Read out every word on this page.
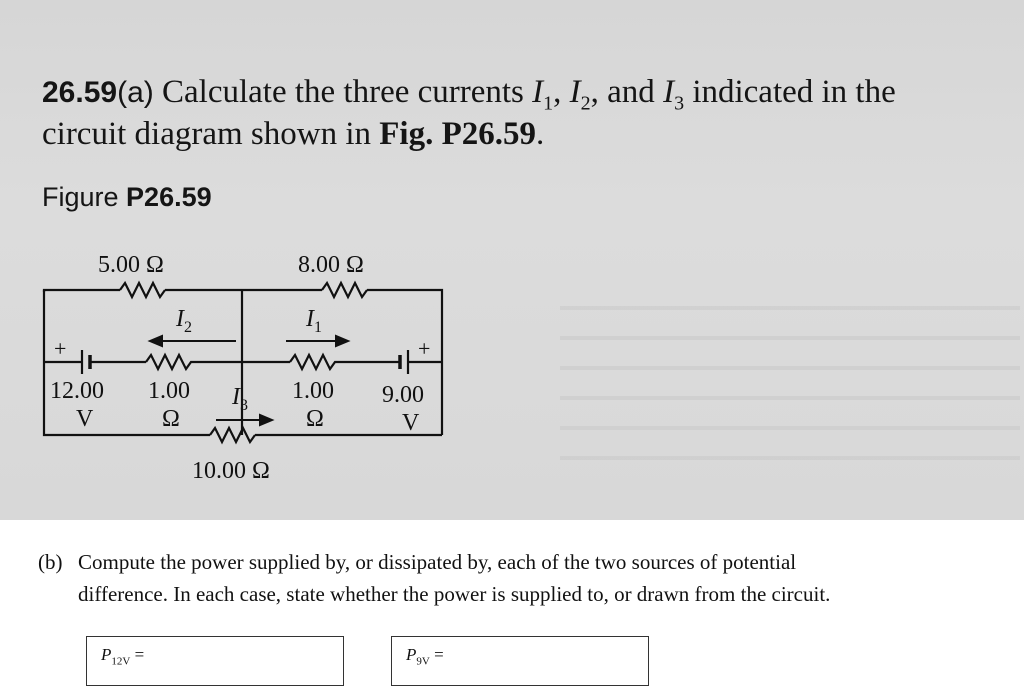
26.59(a) Calculate the three currents $I_1$, $I_2$, and $I_3$ indicated in the
circuit diagram shown in Fig. P26.59.
Figure P26.59
5.00 Ω	8.00 Ω
$I_2$	$I_1$
$I_3$
+	+
12.00
V
1.00
Ω
1.00
Ω
9.00
V
10.00 Ω
(b) Compute the power supplied by, or dissipated by, each of the two sources of potential
difference. In each case, state whether the power is supplied to, or drawn from the circuit.
$P_{12V}$ =	$P_{9V}$ =
